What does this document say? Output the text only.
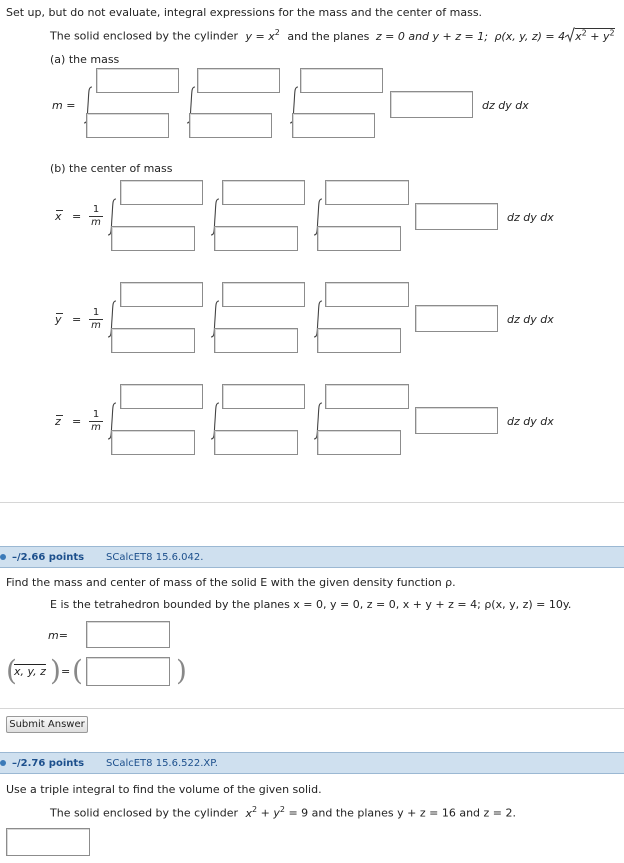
Set up, but do not evaluate, integral expressions for the mass and the center of mass.
The solid enclosed by the cylinder $y = x^2$ and the planes z = 0 and y + z = 1; ρ(x, y, z) = 4 $x^2 + y^2$
(a) the mass
m =	dz dy dx
(b) the center of mass
$x = \frac{1}{m}$	dz dy dx
$y = \frac{1}{m}$	dz dy dx
$z = \frac{1}{m}$	dz dy dx
–/2.66 points SCalcET8 15.6.042.
Find the mass and center of mass of the solid E with the given density function ρ.
E is the tetrahedron bounded by the planes x = 0, y = 0, z = 0, x + y + z = 4; ρ(x, y, z) = 10y.
m=
(
x, y, z ) = (	)
Submit Answer
–/2.76 points SCalcET8 15.6.522.XP.
Use a triple integral to find the volume of the given solid.
The solid enclosed by the cylinder $x^2 + y^2 = 9$ and the planes y + z = 16 and z = 2.
